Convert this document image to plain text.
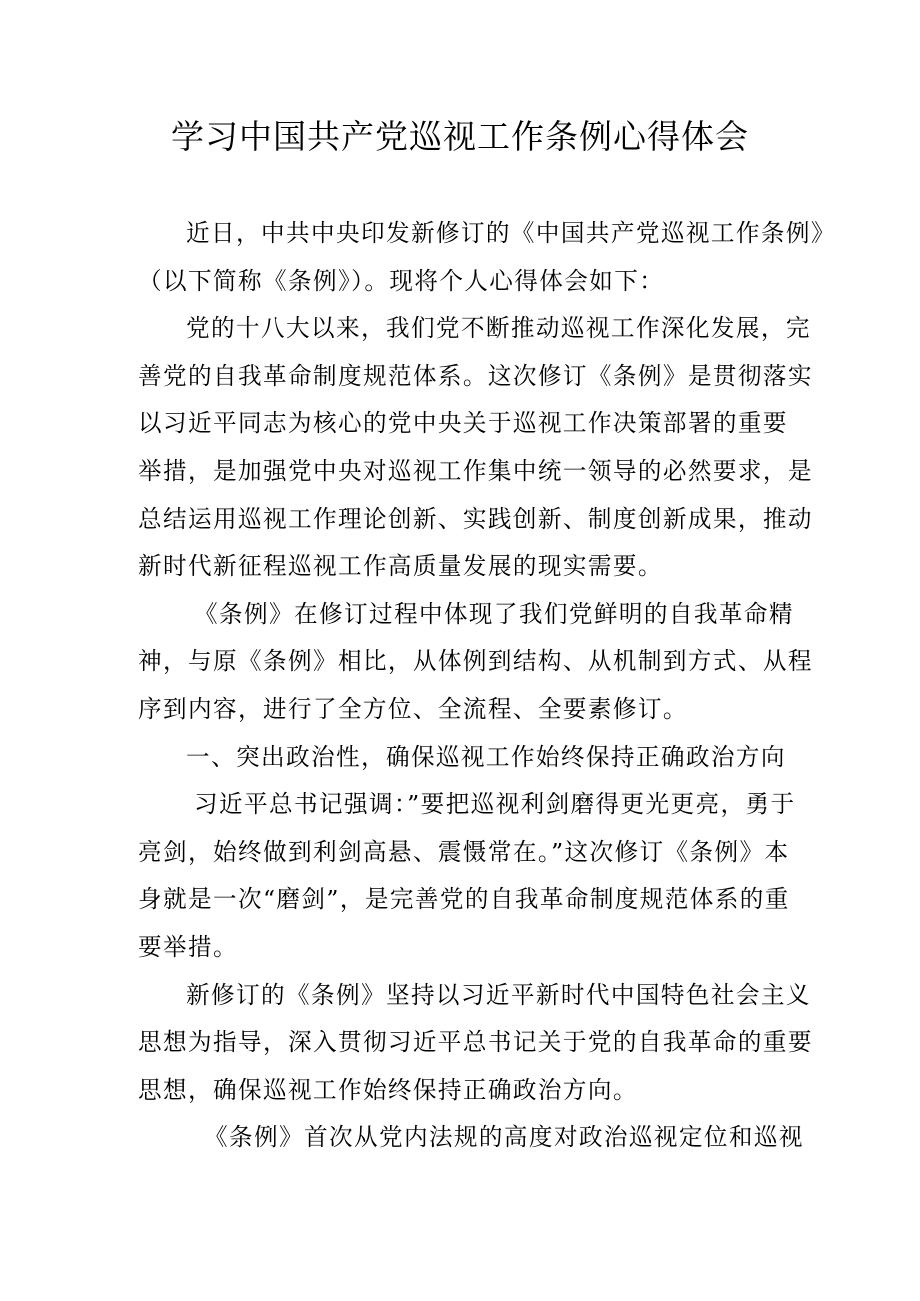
学习中国共产党巡视工作条例心得体会
近日，中共中央印发新修订的《中国共产党巡视工作条例》
（以下简称《条例》）。现将个人心得体会如下：
党的十八大以来，我们党不断推动巡视工作深化发展，完
善党的自我革命制度规范体系。这次修订《条例》是贯彻落实
以习近平同志为核心的党中央关于巡视工作决策部署的重要
举措，是加强党中央对巡视工作集中统一领导的必然要求，是
总结运用巡视工作理论创新、实践创新、制度创新成果，推动
新时代新征程巡视工作高质量发展的现实需要。
《条例》在修订过程中体现了我们党鲜明的自我革命精
神，与原《条例》相比，从体例到结构、从机制到方式、从程
序到内容，进行了全方位、全流程、全要素修订。
一、突出政治性，确保巡视工作始终保持正确政治方向
习近平总书记强调：”要把巡视利剑磨得更光更亮，勇于
亮剑，始终做到利剑高悬、震慑常在。”这次修订《条例》本
身就是一次“磨剑”，是完善党的自我革命制度规范体系的重
要举措。
新修订的《条例》坚持以习近平新时代中国特色社会主义
思想为指导，深入贯彻习近平总书记关于党的自我革命的重要
思想，确保巡视工作始终保持正确政治方向。
《条例》首次从党内法规的高度对政治巡视定位和巡视
